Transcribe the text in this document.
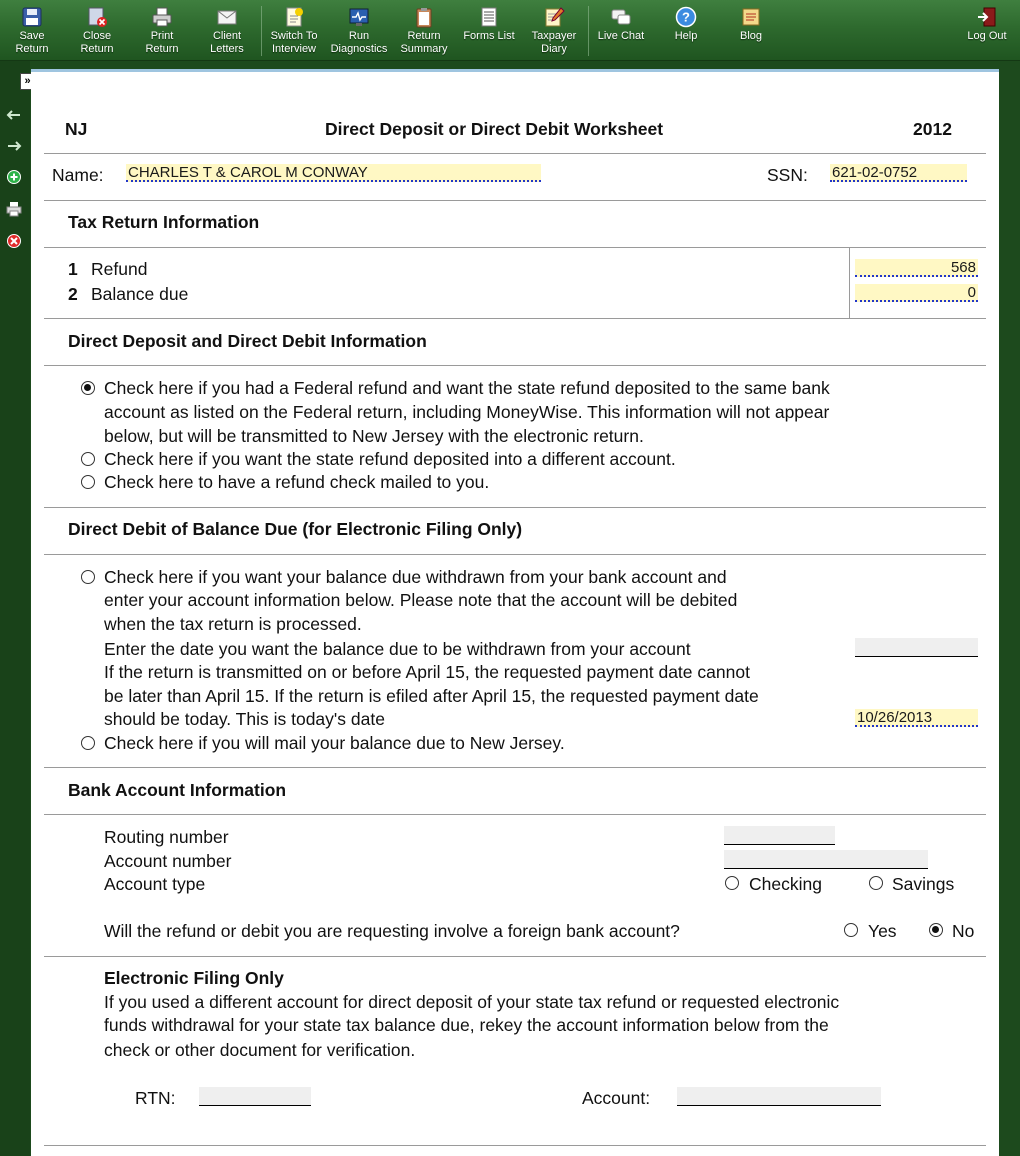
Save
Return
Close
Return
Print
Return
Client
Letters
Switch To
Interview
Run
Diagnostics
Return
Summary
Forms List	Taxpayer
Diary
Live Chat
?
Help	Blog	Log Out
»
NJ	Direct Deposit or Direct Debit Worksheet	2012
Name: CHARLES T & CAROL M CONWAY	SSN: 621-02-0752
Tax Return Information
1 Refund	568
2 Balance due	0
Direct Deposit and Direct Debit Information
Check here if you had a Federal refund and want the state refund deposited to the same bank
account as listed on the Federal return, including MoneyWise. This information will not appear
below, but will be transmitted to New Jersey with the electronic return.
Check here if you want the state refund deposited into a different account.
Check here to have a refund check mailed to you.
Direct Debit of Balance Due (for Electronic Filing Only)
Check here if you want your balance due withdrawn from your bank account and
enter your account information below. Please note that the account will be debited
when the tax return is processed.
Enter the date you want the balance due to be withdrawn from your account
If the return is transmitted on or before April 15, the requested payment date cannot
be later than April 15. If the return is efiled after April 15, the requested payment date
should be today. This is today's date	10/26/2013
Check here if you will mail your balance due to New Jersey.
Bank Account Information
Routing number
Account number
Account type	Checking	Savings
Will the refund or debit you are requesting involve a foreign bank account?	Yes	No
Electronic Filing Only
If you used a different account for direct deposit of your state tax refund or requested electronic
funds withdrawal for your state tax balance due, rekey the account information below from the
check or other document for verification.
RTN:	Account:
